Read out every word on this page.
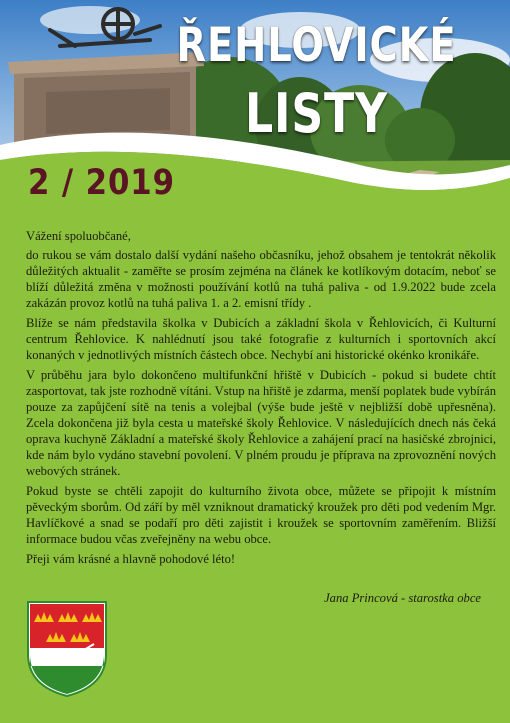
ŘEHLOVICKÉ
LISTY
2 / 2019

Vážení spoluobčané,

do rukou se vám dostalo další vydání našeho občasníku, jehož obsahem je tentokrát několik důležitých aktualit - zaměřte se prosím zejména na článek ke kotlíkovým dotacím, neboť se blíží důležitá změna v možnosti používání kotlů na tuhá paliva - od 1.9.2022 bude zcela zakázán provoz kotlů na tuhá paliva 1. a 2. emisní třídy .

Blíže se nám představila školka v Dubicích a základní škola v Řehlovicích, či Kulturní centrum Řehlovice. K nahlédnutí jsou také fotografie z kulturních i sportovních akcí konaných v jednotlivých místních částech obce. Nechybí ani historické okénko kronikáře.

V průběhu jara bylo dokončeno multifunkční hřiště v Dubicích - pokud si budete chtít zasportovat, tak jste rozhodně vítáni. Vstup na hřiště je zdarma, menší poplatek bude vybírán pouze za zapůjčení sítě na tenis a volejbal (výše bude ještě v nejbližší době upřesněna). Zcela dokončena již byla cesta u mateřské školy Řehlovice. V následujících dnech nás čeká oprava kuchyně Základní a mateřské školy Řehlovice a zahájení prací na hasičské zbrojnici, kde nám bylo vydáno stavební povolení. V plném proudu je příprava na zprovoznění nových webových stránek.

Pokud byste se chtěli zapojit do kulturního života obce, můžete se připojit k místním pěveckým sborům. Od září by měl vzniknout dramatický kroužek pro děti pod vedením Mgr. Havlíčkové a snad se podaří pro děti zajistit i kroužek se sportovním zaměřením. Bližší informace budou včas zveřejněny na webu obce.

Přeji vám krásné a hlavně pohodové léto!

Jana Princová - starostka obce
